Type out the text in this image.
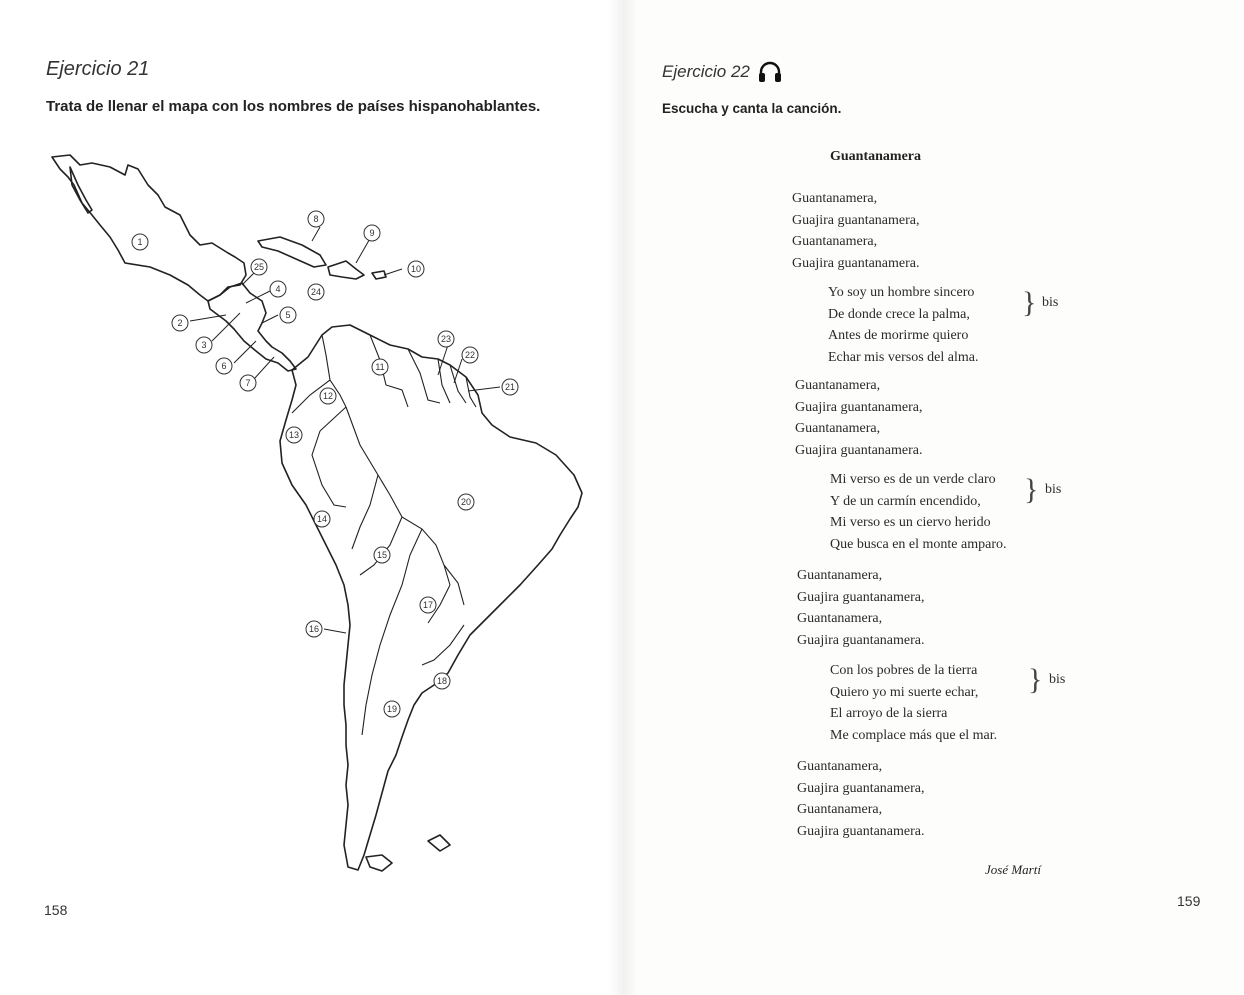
Ejercicio 21
Trata de llenar el mapa con los nombres de países hispanohablantes.
1
2
3
4
5
6
7
8
9
10
11
12
13
14
15
16
17
18
19
20
21
22
23
24
25
158
Ejercicio 22
Escucha y canta la canción.
Guantanamera
Guantanamera,
Guajira guantanamera,
Guantanamera,
Guajira guantanamera.
Yo soy un hombre sincero
De donde crece la palma,
Antes de morirme quiero
Echar mis versos del alma.
} bis
Guantanamera,
Guajira guantanamera,
Guantanamera,
Guajira guantanamera.
Mi verso es de un verde claro
Y de un carmín encendido,
Mi verso es un ciervo herido
Que busca en el monte amparo.
} bis
Guantanamera,
Guajira guantanamera,
Guantanamera,
Guajira guantanamera.
Con los pobres de la tierra
Quiero yo mi suerte echar,
El arroyo de la sierra
Me complace más que el mar.
} bis
Guantanamera,
Guajira guantanamera,
Guantanamera,
Guajira guantanamera.
José Martí
159
